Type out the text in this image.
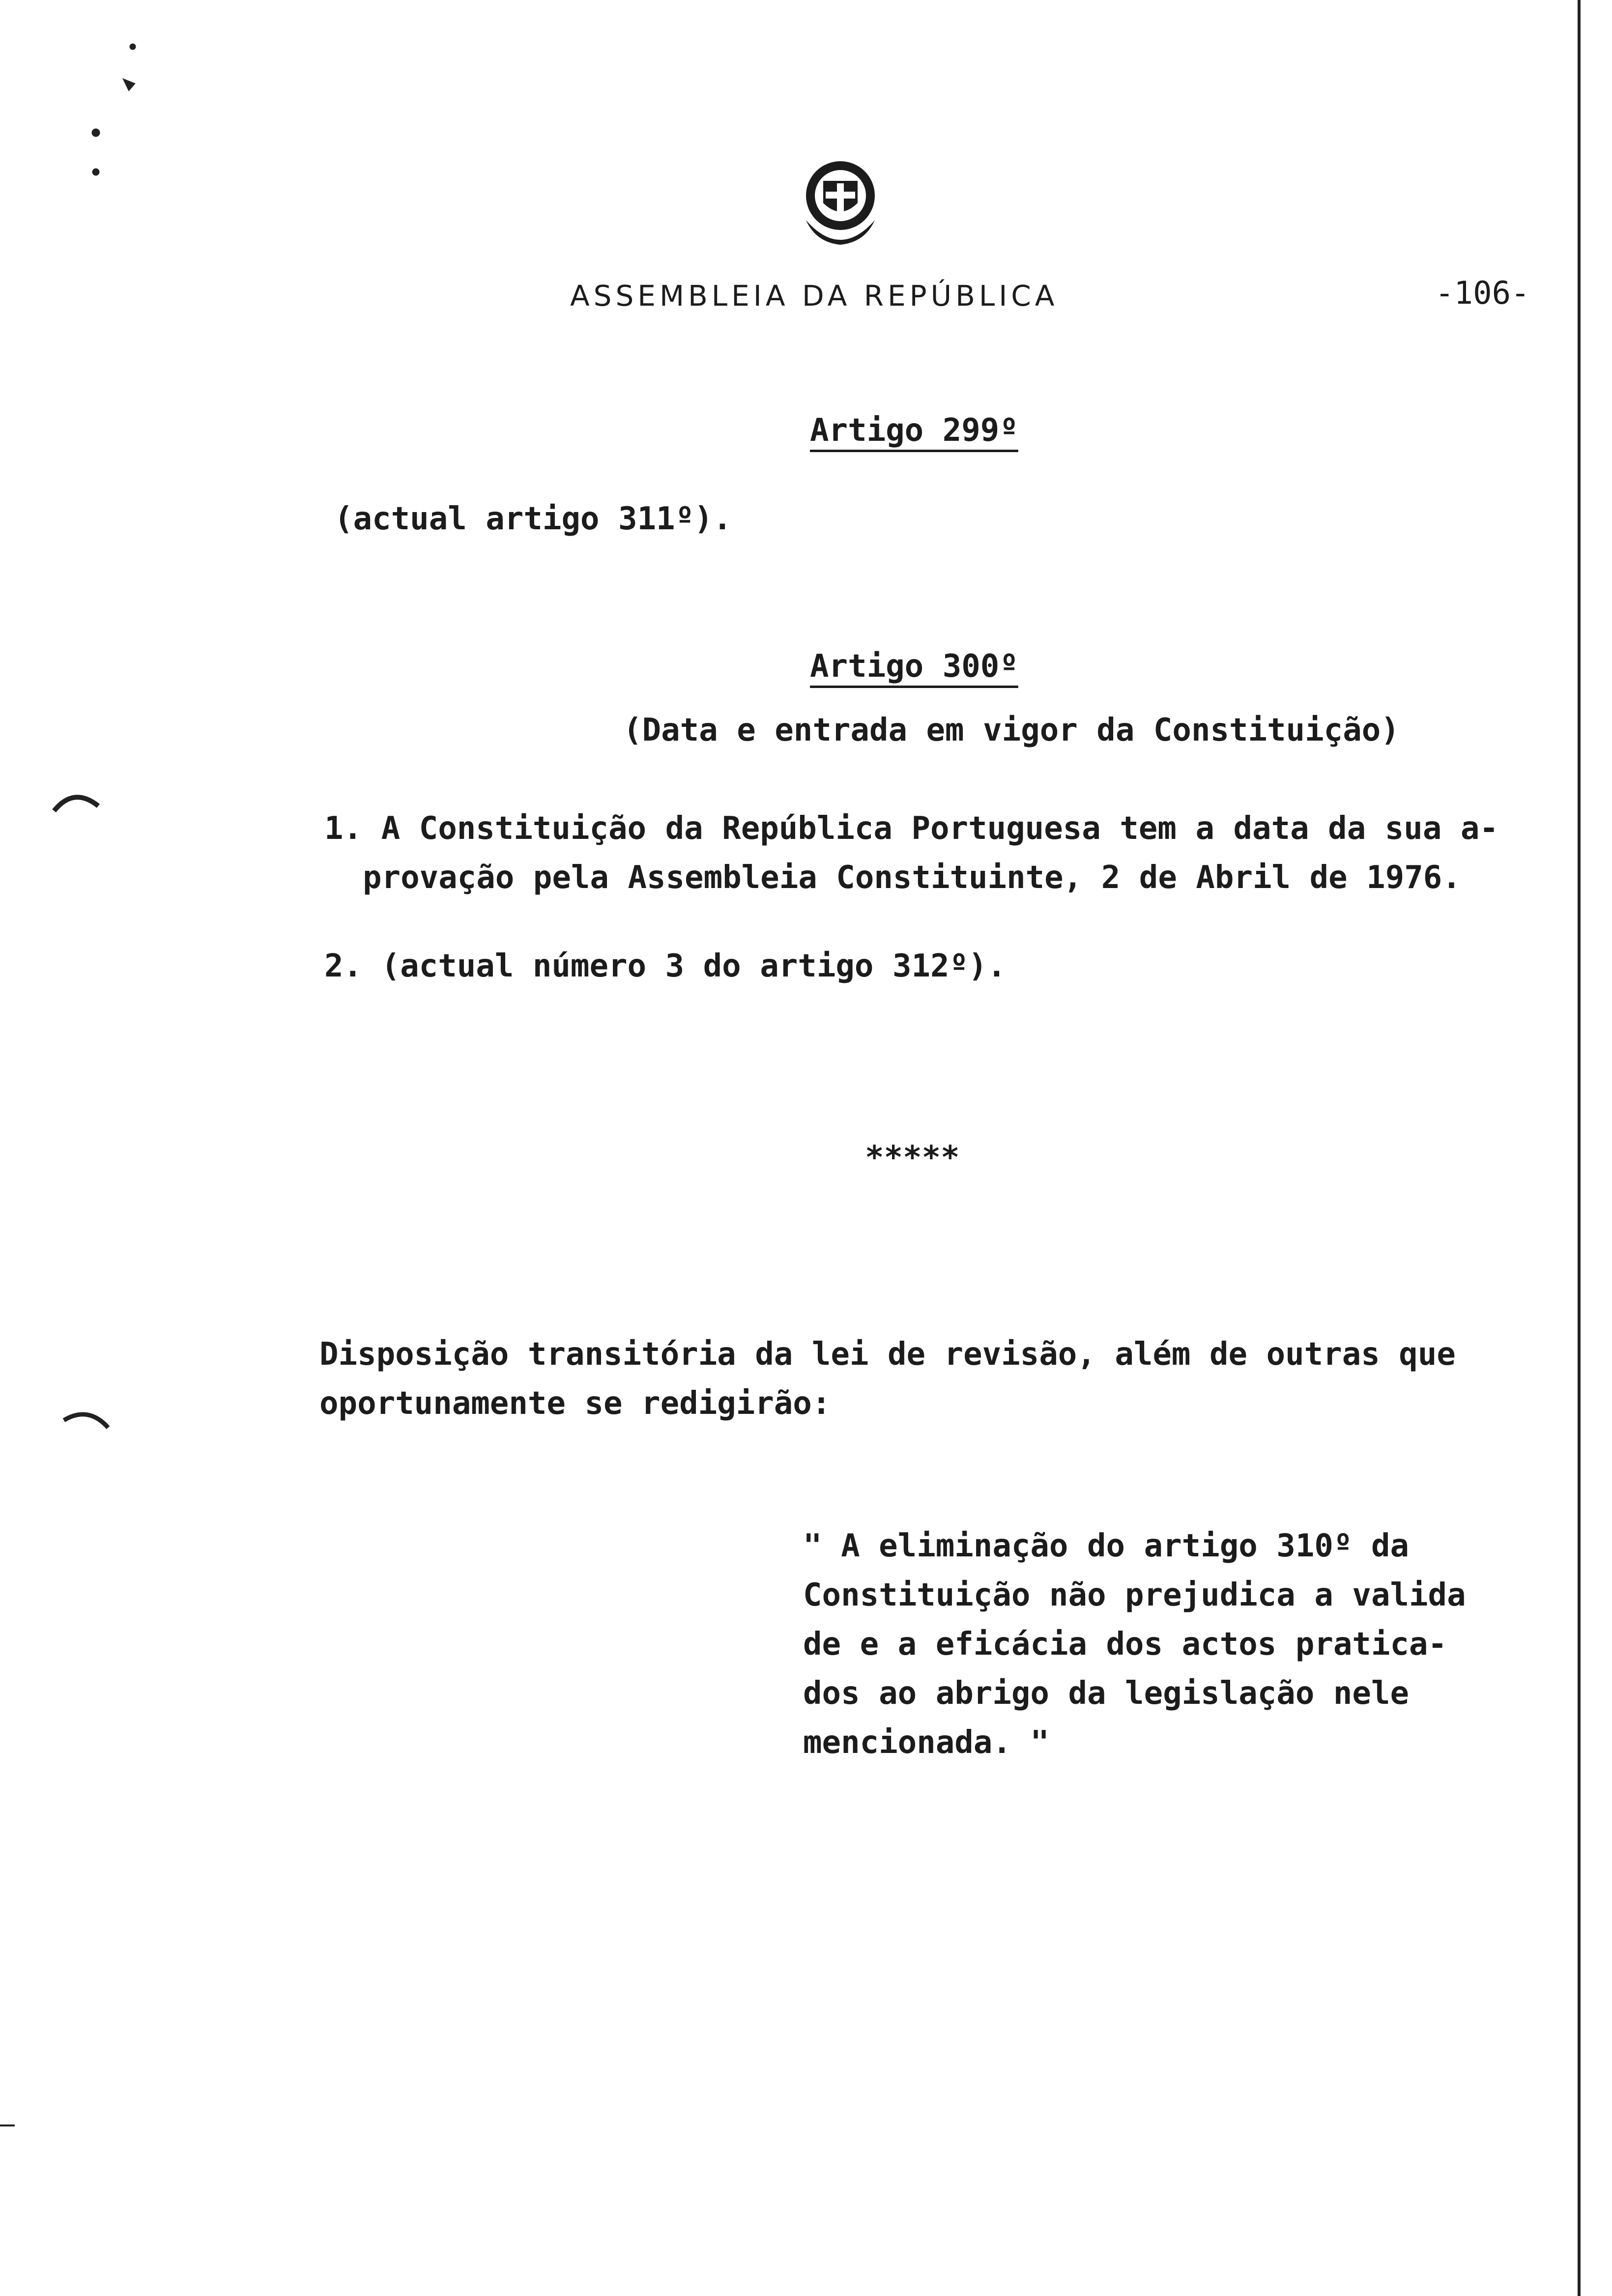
ASSEMBLEIA DA REPÚBLICA	-106-

Artigo 299º

(actual artigo 311º).

Artigo 300º

(Data e entrada em vigor da Constituição)

1. A Constituição da República Portuguesa tem a data da sua a-

provação pela Assembleia Constituinte, 2 de Abril de 1976.

2. (actual número 3 do artigo 312º).

*****

Disposição transitória da lei de revisão, além de outras que

oportunamente se redigirão:

" A eliminação do artigo 310º da

Constituição não prejudica a valida

de e a eficácia dos actos pratica-

dos ao abrigo da legislação nele

mencionada. "
